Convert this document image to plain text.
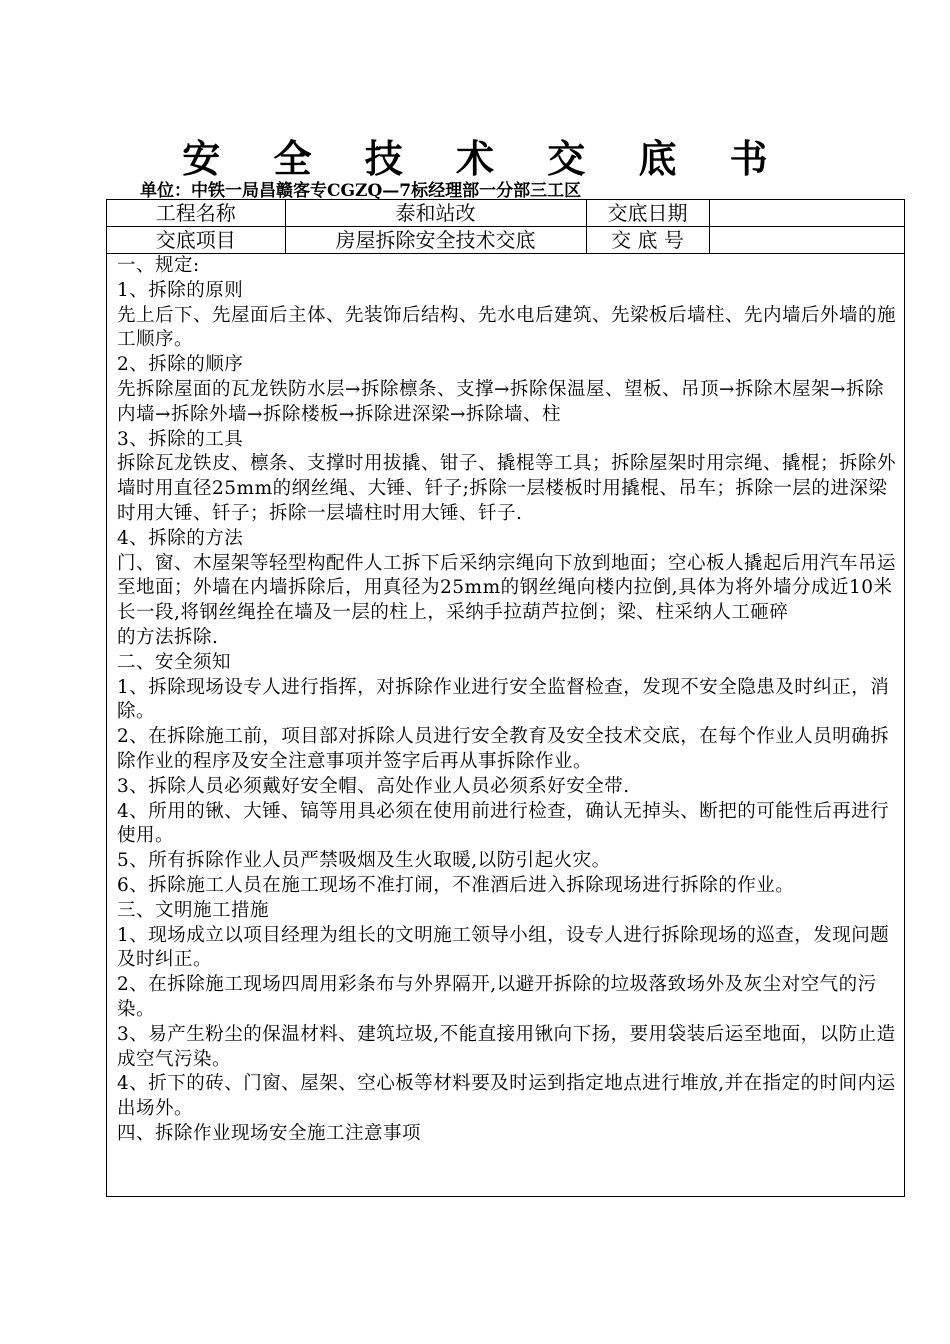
安 全 技 术 交 底 书
单位：中铁一局昌赣客专CGZQ—7标经理部一分部三工区
工程名称	泰和站改	交底日期	
交底项目	房屋拆除安全技术交底	交 底 号	

一、规定:

1、拆除的原则

先上后下、先屋面后主体、先装饰后结构、先水电后建筑、先梁板后墙柱、先内墙后外墙的施工顺序。

2、拆除的顺序

先拆除屋面的瓦龙铁防水层→拆除檩条、支撑→拆除保温屋、望板、吊顶→拆除木屋架→拆除内墙→拆除外墙→拆除楼板→拆除进深梁→拆除墙、柱

3、拆除的工具

拆除瓦龙铁皮、檩条、支撑时用拔撬、钳子、撬棍等工具；拆除屋架时用宗绳、撬棍；拆除外墙时用直径25mm的纲丝绳、大锤、钎子;拆除一层楼板时用撬棍、吊车；拆除一层的进深梁时用大锤、钎子；拆除一层墙柱时用大锤、钎子.

4、拆除的方法

门、窗、木屋架等轻型构配件人工拆下后采纳宗绳向下放到地面；空心板人撬起后用汽车吊运至地面；外墙在内墙拆除后，用真径为25mm的钢丝绳向楼内拉倒,具体为将外墙分成近10米长一段,将钢丝绳拴在墙及一层的柱上，采纳手拉葫芦拉倒；梁、柱采纳人工砸碎

的方法拆除.

二、安全须知

1、拆除现场设专人进行指挥，对拆除作业进行安全监督检查，发现不安全隐患及时纠正，消除。

2、在拆除施工前，项目部对拆除人员进行安全教育及安全技术交底，在每个作业人员明确拆除作业的程序及安全注意事项并签字后再从事拆除作业。

3、拆除人员必须戴好安全帽、高处作业人员必须系好安全带.

4、所用的锹、大锤、镐等用具必须在使用前进行检查，确认无掉头、断把的可能性后再进行使用。

5、所有拆除作业人员严禁吸烟及生火取暖,以防引起火灾。

6、拆除施工人员在施工现场不准打闹，不准酒后进入拆除现场进行拆除的作业。

三、文明施工措施

1、现场成立以项目经理为组长的文明施工领导小组，设专人进行拆除现场的巡查，发现问题及时纠正。

2、在拆除施工现场四周用彩条布与外界隔开,以避开拆除的垃圾落致场外及灰尘对空气的污染。

3、易产生粉尘的保温材料、建筑垃圾,不能直接用锹向下扬，要用袋装后运至地面，以防止造成空气污染。

4、折下的砖、门窗、屋架、空心板等材料要及时运到指定地点进行堆放,并在指定的时间内运出场外。

四、拆除作业现场安全施工注意事项
